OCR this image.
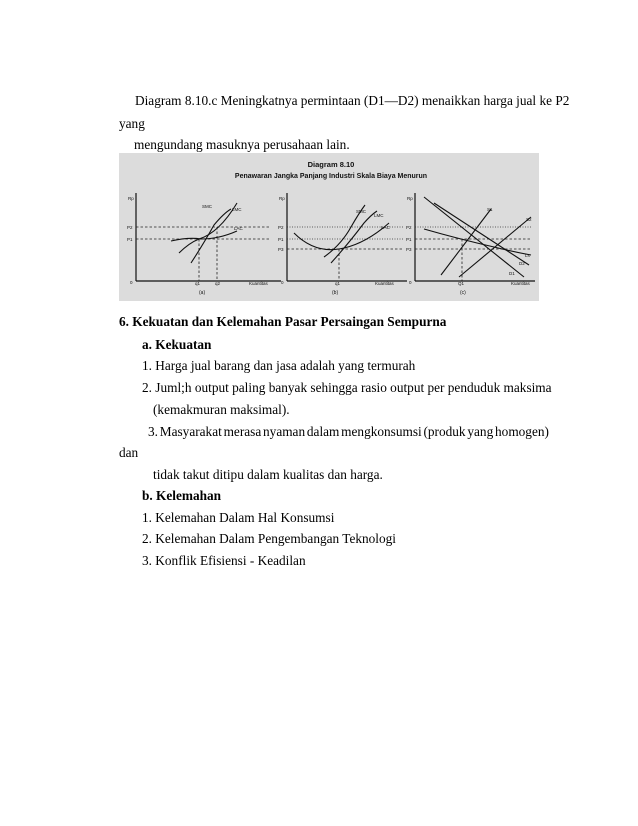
Diagram 8.10.c Meningkatnya permintaan (D1—D2) menaikkan harga jual ke P2
yang
mengundang masuknya perusahaan lain.
Diagram 8.10
Penawaran Jangka Panjang Industri Skala Biaya Menurun
Rp
0	Kuantitas
P2
P1
SMC
LMC
LAC
q1	q2
(a)
Rp
0	Kuantitas
P2
P1
P3
SMC
LMC
LAC
q1
(b)
Rp
0	Kuantitas
P2
P1
P3
S1
S2
D2
D1
Ls
Q1
(c)
6. Kekuatan dan Kelemahan Pasar Persaingan Sempurna
a. Kekuatan
1. Harga jual barang dan jasa adalah yang termurah
2. Juml;h output paling banyak sehingga rasio output per penduduk maksima
(kemakmuran maksimal).
3. Masyarakat merasa nyaman dalam mengkonsumsi (produk yang homogen)
dan
tidak takut ditipu dalam kualitas dan harga.
b. Kelemahan
1. Kelemahan Dalam Hal Konsumsi
2. Kelemahan Dalam Pengembangan Teknologi
3. Konflik Efisiensi - Keadilan
